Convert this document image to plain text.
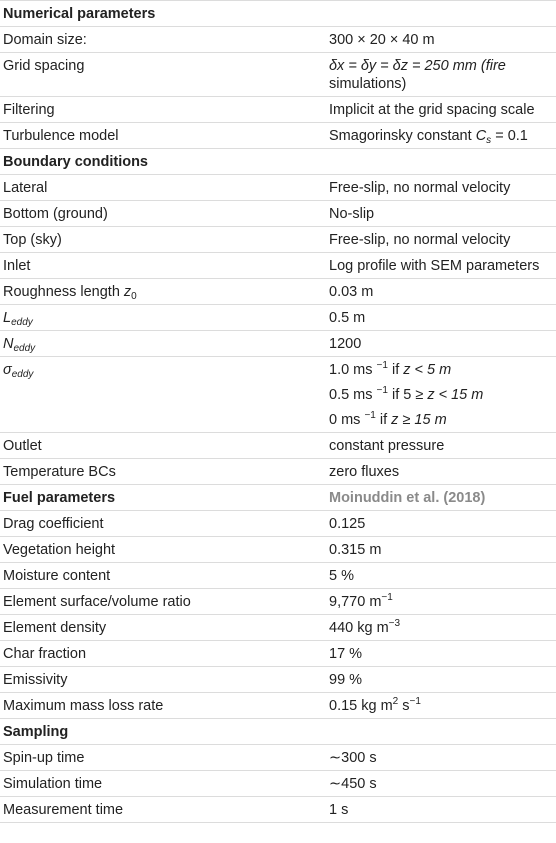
Numerical parameters	
Domain size:	300 × 20 × 40 m
Grid spacing	δx = δy = δz = 250 mm (fire
simulations)
Filtering	Implicit at the grid spacing scale
Turbulence model	Smagorinsky constant $C_s = 0.1$
Boundary conditions	
Lateral	Free-slip, no normal velocity
Bottom (ground)	No-slip
Top (sky)	Free-slip, no normal velocity
Inlet	Log profile with SEM parameters
Roughness length $z_0$	0.03 m
$L_{eddy}$	0.5 m
$N_{eddy}$	1200
$\sigma_{eddy}$	1.0 ms $^{-1}$ if z < 5 m
	0.5 ms $^{-1}$ if 5 ≥ z < 15 m
	0 ms $^{-1}$ if z ≥ 15 m
Outlet	constant pressure
Temperature BCs	zero fluxes
Fuel parameters	Moinuddin et al. (2018)
Drag coefficient	0.125
Vegetation height	0.315 m
Moisture content	5 %
Element surface/volume ratio	9,770 $m^{-1}$
Element density	440 kg $m^{-3}$
Char fraction	17 %
Emissivity	99 %
Maximum mass loss rate	0.15 kg $m^2$ $s^{-1}$
Sampling	
Spin-up time	∼300 s
Simulation time	∼450 s
Measurement time	1 s
